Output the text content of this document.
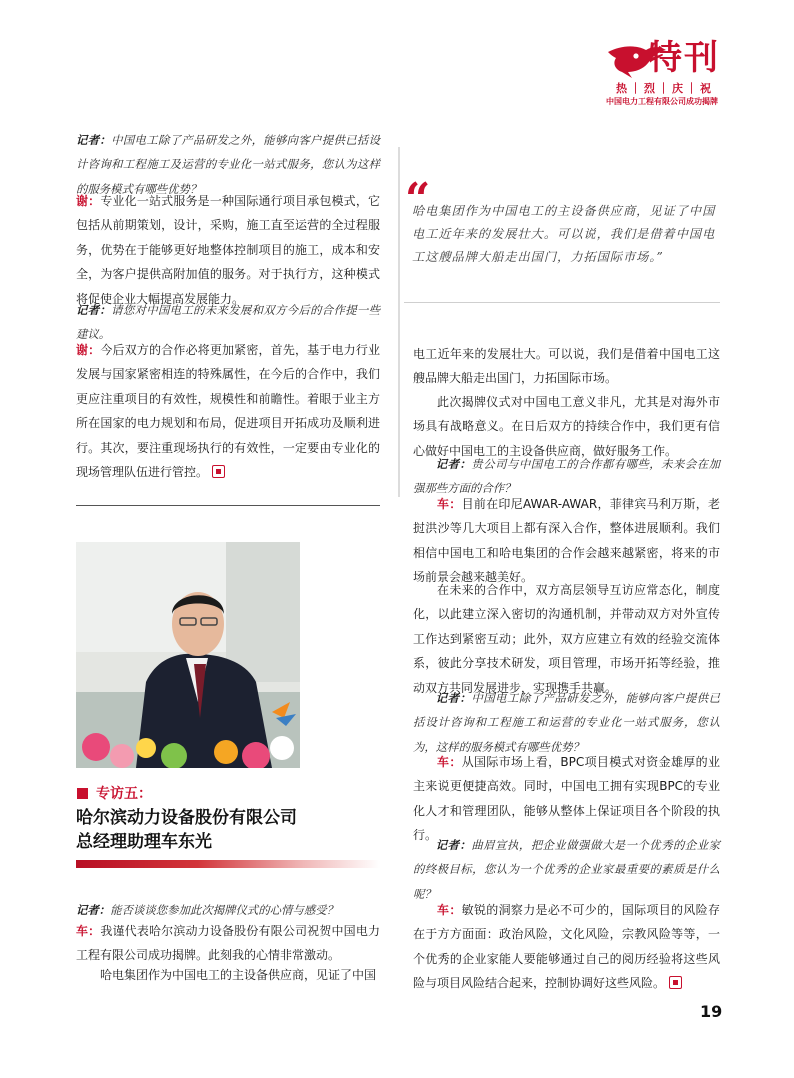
特刊
热｜烈｜庆｜祝
中国电力工程有限公司成功揭牌
记者：中国电工除了产品研发之外，能够向客户提供已括设计咨询和工程施工及运营的专业化一站式服务，您认为这样的服务模式有哪些优势？
谢：专业化一站式服务是一种国际通行项目承包模式，它包括从前期策划，设计，采购，施工直至运营的全过程服务，优势在于能够更好地整体控制项目的施工，成本和安全，为客户提供高附加值的服务。对于执行方，这种模式将促使企业大幅提高发展能力。
记者：请您对中国电工的未来发展和双方今后的合作提一些建议。
谢：今后双方的合作必将更加紧密，首先，基于电力行业发展与国家紧密相连的特殊属性，在今后的合作中，我们更应注重项目的有效性，规模性和前瞻性。着眼于业主方所在国家的电力规划和布局，促进项目开拓成功及顺利进行。其次，要注重现场执行的有效性，一定要由专业化的现场管理队伍进行管控。
专访五：
哈尔滨动力设备股份有限公司
总经理助理车东光
记者：能否谈谈您参加此次揭牌仪式的心情与感受？
车：我谨代表哈尔滨动力设备股份有限公司祝贺中国电力工程有限公司成功揭牌。此刻我的心情非常激动。
哈电集团作为中国电工的主设备供应商，见证了中国
“
哈电集团作为中国电工的主设备供应商，见证了中国电工近年来的发展壮大。可以说，我们是借着中国电工这艘品牌大船走出国门，力拓国际市场。”
电工近年来的发展壮大。可以说，我们是借着中国电工这艘品牌大船走出国门，力拓国际市场。
此次揭牌仪式对中国电工意义非凡，尤其是对海外市场具有战略意义。在日后双方的持续合作中，我们更有信心做好中国电工的主设备供应商，做好服务工作。
记者：贵公司与中国电工的合作都有哪些，未来会在加强那些方面的合作？
车：目前在印尼AWAR-AWAR，菲律宾马利万斯，老挝洪沙等几大项目上都有深入合作，整体进展顺利。我们相信中国电工和哈电集团的合作会越来越紧密，将来的市场前景会越来越美好。
在未来的合作中，双方高层领导互访应常态化，制度化，以此建立深入密切的沟通机制，并带动双方对外宣传工作达到紧密互动；此外，双方应建立有效的经验交流体系，彼此分享技术研发，项目管理，市场开拓等经验，推动双方共同发展进步，实现携手共赢。
记者：中国电工除了产品研发之外，能够向客户提供已括设计咨询和工程施工和运营的专业化一站式服务，您认为，这样的服务模式有哪些优势？
车：从国际市场上看，BPC项目模式对资金雄厚的业主来说更便捷高效。同时，中国电工拥有实现BPC的专业化人才和管理团队，能够从整体上保证项目各个阶段的执行。
记者：曲眉宣执，把企业做强做大是一个优秀的企业家的终极目标，您认为一个优秀的企业家最重要的素质是什么呢？
车：敏锐的洞察力是必不可少的，国际项目的风险存在于方方面面：政治风险，文化风险，宗教风险等等，一个优秀的企业家能人要能够通过自己的阅历经验将这些风险与项目风险结合起来，控制协调好这些风险。
19
